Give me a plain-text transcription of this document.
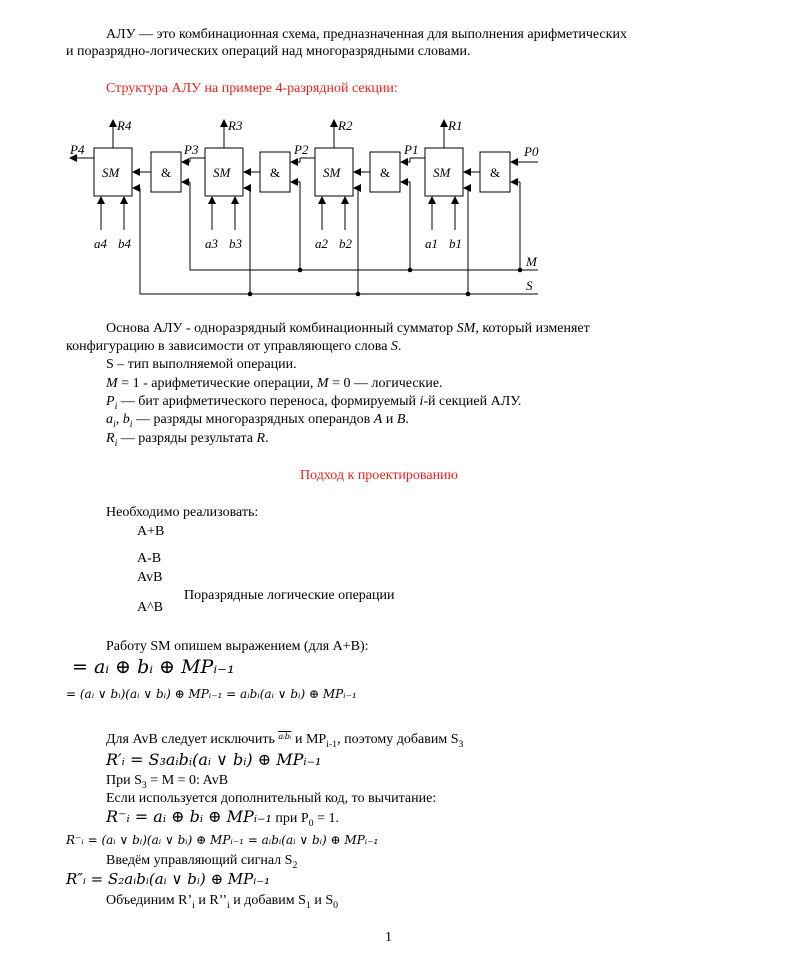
АЛУ — это комбинационная схема, предназначенная для выполнения арифметических
и поразрядно-логических операций над многоразрядными словами.
Структура АЛУ на примере 4-разрядной секции:
SM	SM	SM	SM
R4	R3	R2	R1
P4	P3	P2	P1	P0
a4 b4	a3 b3	a2 b2	a1 b1
M
S
&	&	&	&
Основа АЛУ - одноразрядный комбинационный сумматор SM, который изменяет
конфигурацию в зависимости от управляющего слова S.
S – тип выполняемой операции.
M = 1 - арифметические операции, M = 0 — логические.
$P_i$ — бит арифметического переноса, формируемый i-й секцией АЛУ.
$a_i$, $b_i$ — разряды многоразрядных операндов A и B.
$R_i$ — разряды результата R.
Подход к проектированию
Необходимо реализовать:
A+B
A-B
AvB
Поразрядные логические операции
A^B
Работу SM опишем выражением (для A+B):
= aᵢ ⊕ bᵢ ⊕ MPᵢ₋₁
= (aᵢ ∨ bᵢ)(aᵢ ∨ bᵢ) ⊕ MPᵢ₋₁ = aᵢbᵢ(aᵢ ∨ bᵢ) ⊕ MPᵢ₋₁
Для AvB следует исключить $^{aᵢbᵢ}$ и $MP_{i-1}$, поэтому добавим $S_3$
R′ᵢ = S₃aᵢbᵢ(aᵢ ∨ bᵢ) ⊕ MPᵢ₋₁
При $S_3 = M = 0$: AvB
Если используется дополнительный код, то вычитание:
R⁻ᵢ = aᵢ ⊕ bᵢ ⊕ MPᵢ₋₁ при $P_0 = 1$.
R⁻ᵢ = (aᵢ ∨ bᵢ)(aᵢ ∨ bᵢ) ⊕ MPᵢ₋₁ = aᵢbᵢ(aᵢ ∨ bᵢ) ⊕ MPᵢ₋₁
Введём управляющий сигнал $S_2$
R″ᵢ = S₂aᵢbᵢ(aᵢ ∨ bᵢ) ⊕ MPᵢ₋₁
Объединим $R’_i$ и $R’’_i$ и добавим $S_1$ и $S_0$
1
